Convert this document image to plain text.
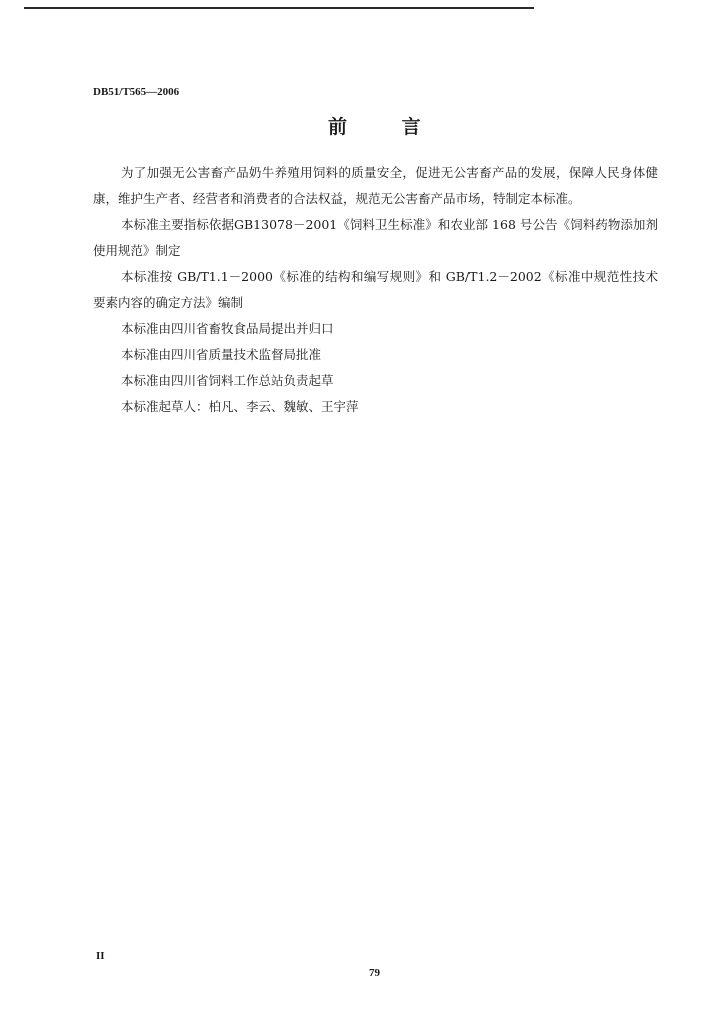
DB51/T565—2006
前 言

为了加强无公害畜产品奶牛养殖用饲料的质量安全，促进无公害畜产品的发展，保障人民身体健康，维护生产者、经营者和消费者的合法权益，规范无公害畜产品市场，特制定本标准。

本标准主要指标依据GB13078－2001《饲料卫生标准》和农业部 168 号公告《饲料药物添加剂使用规范》制定

本标准按 GB/T1.1－2000《标准的结构和编写规则》和 GB/T1.2－2002《标准中规范性技术要素内容的确定方法》编制

本标准由四川省畜牧食品局提出并归口

本标准由四川省质量技术监督局批准

本标准由四川省饲料工作总站负责起草

本标准起草人：柏凡、李云、魏敏、王宇萍

II
79
